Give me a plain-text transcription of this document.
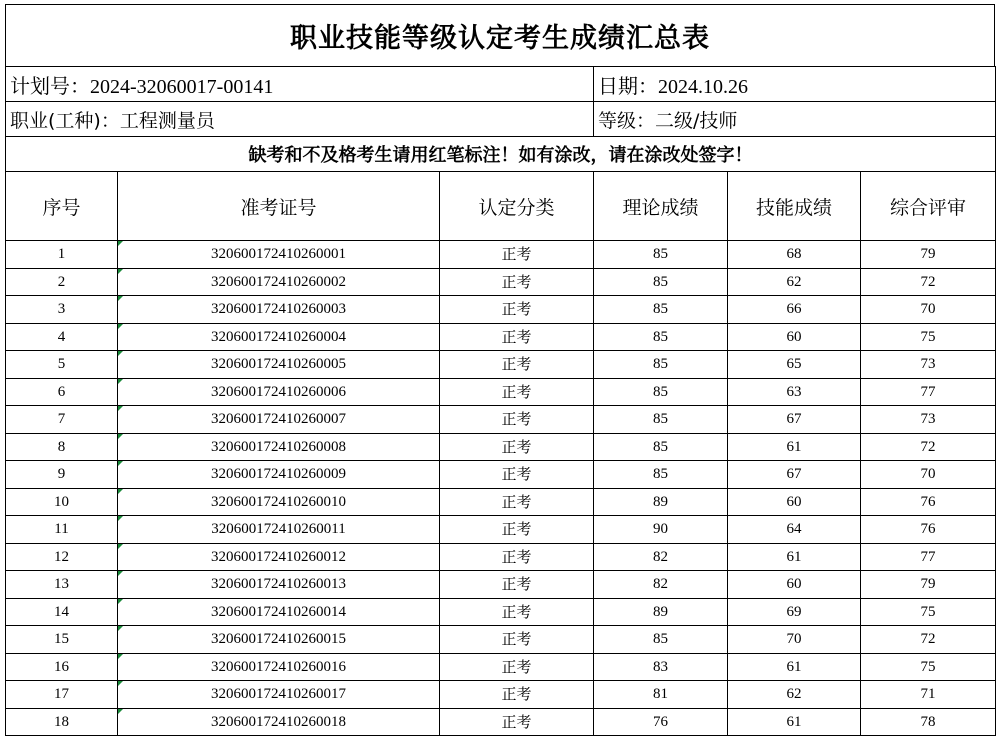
职业技能等级认定考生成绩汇总表
计划号：2024-32060017-00141			日期：2024.10.26		
职业(工种)：工程测量员			等级：二级/技师		
缺考和不及格考生请用红笔标注！如有涂改，请在涂改处签字！					
序号	准考证号	认定分类	理论成绩	技能成绩	综合评审
1	320600172410260001	正考	85	68	79
2	320600172410260002	正考	85	62	72
3	320600172410260003	正考	85	66	70
4	320600172410260004	正考	85	60	75
5	320600172410260005	正考	85	65	73
6	320600172410260006	正考	85	63	77
7	320600172410260007	正考	85	67	73
8	320600172410260008	正考	85	61	72
9	320600172410260009	正考	85	67	70
10	320600172410260010	正考	89	60	76
11	320600172410260011	正考	90	64	76
12	320600172410260012	正考	82	61	77
13	320600172410260013	正考	82	60	79
14	320600172410260014	正考	89	69	75
15	320600172410260015	正考	85	70	72
16	320600172410260016	正考	83	61	75
17	320600172410260017	正考	81	62	71
18	320600172410260018	正考	76	61	78
